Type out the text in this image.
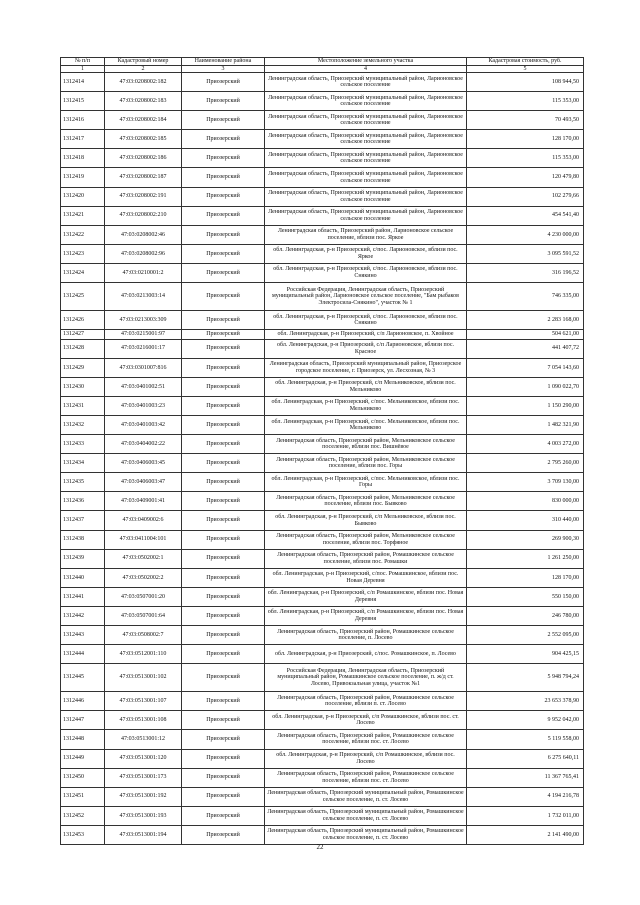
№ п/п	Кадастровый номер	Наименование района	Местоположение земельного участка	Кадастровая стоимость, руб.
1	2	3	4	5
1312414	47:03:0208002:182	Приозерский	Ленинградская область, Приозерский муниципальный район, Ларионовское сельское поселение	108 944,50
1312415	47:03:0208002:183	Приозерский	Ленинградская область, Приозерский муниципальный район, Ларионовское сельское поселение	115 353,00
1312416	47:03:0208002:184	Приозерский	Ленинградская область, Приозерский муниципальный район, Ларионовское сельское поселение	70 493,50
1312417	47:03:0208002:185	Приозерский	Ленинградская область, Приозерский муниципальный район, Ларионовское сельское поселение	128 170,00
1312418	47:03:0208002:186	Приозерский	Ленинградская область, Приозерский муниципальный район, Ларионовское сельское поселение	115 353,00
1312419	47:03:0208002:187	Приозерский	Ленинградская область, Приозерский муниципальный район, Ларионовское сельское поселение	120 479,80
1312420	47:03:0208002:191	Приозерский	Ленинградская область, Приозерский муниципальный район, Ларионовское сельское поселение	102 279,66
1312421	47:03:0208002:210	Приозерский	Ленинградская область, Приозерский муниципальный район, Ларионовское сельское поселение	454 541,40
1312422	47:03:0208002:46	Приозерский	Ленинградская область, Приозерский район, Ларионовское сельское поселение, вблизи пос. Яркое	4 230 000,00
1312423	47:03:0208002:96	Приозерский	обл. Ленинградская, р-н Приозерский, с/пос. Ларионовское, вблизи пос. Яркое	3 095 591,52
1312424	47:03:0210001:2	Приозерский	обл. Ленинградская, р-н Приозерский, с/пос. Ларионовское, вблизи пос. Снякино	316 196,52
1312425	47:03:0213003:14	Приозерский	Российская Федерация, Ленинградская область, Приозерский муниципальный район, Ларионовское сельское поселение, "Бам рыбаков Электросила-Снякино", участок № 1	746 335,00
1312426	47:03:0213003:309	Приозерский	обл. Ленинградская, р-н Приозерский, с/пос. Ларионовское, вблизи пос. Снякино	2 283 168,00
1312427	47:03:0215001:97	Приозерский	обл. Ленинградская, р-н Приозерский, с/п Ларионовское, п. Хвойное	504 621,00
1312428	47:03:0216001:17	Приозерский	обл. Ленинградская, р-н Приозерский, с/п Ларионовское, вблизи пос. Красное	441 407,72
1312429	47:03:0301007:816	Приозерский	Ленинградская область, Приозерский муниципальный район, Приозерское городское поселение, г. Приозерск, ул. Лесхозная, № 3	7 054 143,60
1312430	47:03:0401002:51	Приозерский	обл. Ленинградская, р-н Приозерский, с/п Мельниковское, вблизи пос. Мельниково	1 090 022,70
1312431	47:03:0401003:23	Приозерский	обл. Ленинградская, р-н Приозерский, с/пос. Мельниковское, вблизи пос. Мельниково	1 150 290,00
1312432	47:03:0401003:42	Приозерский	обл. Ленинградская, р-н Приозерский, с/пос. Мельниковское, вблизи пос. Мельниково	1 482 321,90
1312433	47:03:0404002:22	Приозерский	Ленинградская область, Приозерский район, Мельниковское сельское поселение, вблизи пос. Вишнёвое	4 003 272,00
1312434	47:03:0406003:45	Приозерский	Ленинградская область, Приозерский район, Мельниковское сельское поселение, вблизи пос. Горы	2 795 260,00
1312435	47:03:0406003:47	Приозерский	обл. Ленинградская, р-н Приозерский, с/пос. Мельниковское, вблизи пос. Горы	3 709 130,00
1312436	47:03:0409001:41	Приозерский	Ленинградская область, Приозерский район, Мельниковское сельское поселение, вблизи пос. Бывково	830 000,00
1312437	47:03:0409002:6	Приозерский	обл. Ленинградская, р-н Приозерский, с/п Мельниковское, вблизи пос. Бывково	310 440,00
1312438	47:03:0411004:101	Приозерский	Ленинградская область, Приозерский район, Мельниковское сельское поселение, вблизи пос. Торфяное	269 900,30
1312439	47:03:0502002:1	Приозерский	Ленинградская область, Приозерский район, Ромашкинское сельское поселение, вблизи пос. Ромашки	1 261 250,00
1312440	47:03:0502002:2	Приозерский	обл. Ленинградская, р-н Приозерский, с/пос. Ромашкинское, вблизи пос. Новая Деревня	128 170,00
1312441	47:03:0507001:20	Приозерский	обл. Ленинградская, р-н Приозерский, с/п Ромашкинское, вблизи пос. Новая Деревня	550 150,00
1312442	47:03:0507001:64	Приозерский	обл. Ленинградская, р-н Приозерский, с/п Ромашкинское, вблизи пос. Новая Деревня	246 780,00
1312443	47:03:0508002:7	Приозерский	Ленинградская область, Приозерский район, Ромашкинское сельское поселение, п. Лосево	2 552 095,00
1312444	47:03:0512001:110	Приозерский	обл. Ленинградская, р-н Приозерский, с/пос. Ромашкинское, п. Лосево	904 425,15
1312445	47:03:0513001:102	Приозерский	Российская Федерация, Ленинградская область, Приозерский муниципальный район, Ромашкинское сельское поселение, п. ж/д ст. Лосево, Привокзальная улица, участок №1	5 948 794,24
1312446	47:03:0513001:107	Приозерский	Ленинградская область, Приозерский район, Ромашкинское сельское поселение, вблизи п. ст. Лосево	23 653 378,90
1312447	47:03:0513001:108	Приозерский	обл. Ленинградская, р-н Приозерский, с/п Ромашкинское, вблизи пос. ст. Лосево	9 952 042,00
1312448	47:03:0513001:12	Приозерский	Ленинградская область, Приозерский район, Ромашкинское сельское поселение, вблизи пос. ст. Лосево	5 119 558,00
1312449	47:03:0513001:120	Приозерский	обл. Ленинградская, р-н Приозерский, с/п Ромашкинское, вблизи пос. Лосево	6 275 640,11
1312450	47:03:0513001:173	Приозерский	Ленинградская область, Приозерский район, Ромашкинское сельское поселение, вблизи пос. ст. Лосево	11 367 765,41
1312451	47:03:0513001:192	Приозерский	Ленинградская область, Приозерский муниципальный район, Ромашкинское сельское поселение, п. ст. Лосево	4 194 216,78
1312452	47:03:0513001:193	Приозерский	Ленинградская область, Приозерский муниципальный район, Ромашкинское сельское поселение, п. ст. Лосево	1 732 011,00
1312453	47:03:0513001:194	Приозерский	Ленинградская область, Приозерский муниципальный район, Ромашкинское сельское поселение, п. ст. Лосево	2 141 490,00
22
